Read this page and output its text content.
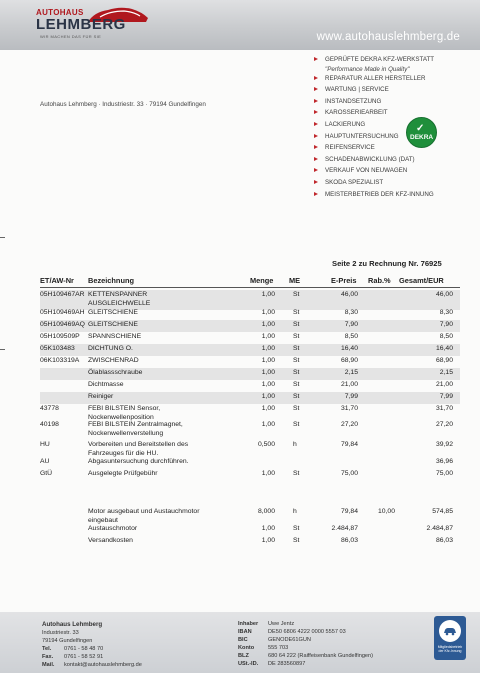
AUTOHAUS
LEHMBERG
WIR MACHEN DAS FÜR SIE	www.autohauslehmberg.de
Autohaus Lehmberg · Industriestr. 33 · 79194 Gundelfingen
GEPRÜFTE DEKRA KFZ-WERKSTATT
"Performance Made in Quality"
REPARATUR ALLER HERSTELLER
WARTUNG | SERVICE
INSTANDSETZUNG
KAROSSERIEARBEIT
LACKIERUNG
HAUPTUNTERSUCHUNG
REIFENSERVICE
SCHADENABWICKLUNG (DAT)
VERKAUF VON NEUWAGEN
SKODA SPEZIALIST
MEISTERBETRIEB DER KFZ-INNUNG
✓
DEKRA
Seite 2 zu Rechnung Nr. 76925
ET/AW-Nr Bezeichnung	Menge ME	E-Preis Rab.% Gesamt/EUR
05H109467AR KETTENSPANNER
AUSGLEICHWELLE
1,00	St	46,00	46,00
05H109469AH GLEITSCHIENE	1,00	St	8,30	8,30
05H109469AQ GLEITSCHIENE	1,00	St	7,90	7,90
05H109509P SPANNSCHIENE	1,00	St	8,50	8,50
05K103483 DICHTUNG O.	1,00	St	16,40	16,40
06K103319A ZWISCHENRAD	1,00	St	68,90	68,90
Ölablassschraube	1,00	St	2,15	2,15
Dichtmasse	1,00	St	21,00	21,00
Reiniger	1,00	St	7,99	7,99
43778	FEBI BILSTEIN Sensor,
Nockenwellenposition
1,00	St	31,70	31,70
40198	FEBI BILSTEIN Zentralmagnet,
Nockenwellenverstellung
1,00	St	27,20	27,20
HU	Vorbereiten und Bereitstellen des
Fahrzeuges für die HU.
0,500	h	79,84	39,92
AU	Abgasuntersuchung durchführen.	36,96
GtÜ	Ausgelegte Prüfgebühr	1,00	St	75,00	75,00
Motor ausgebaut und Austauchmotor
eingebaut
8,000	h	79,84	10,00	574,85
Austauschmotor	1,00	St	2.484,87	2.484,87
Versandkosten	1,00	St	86,03	86,03
Autohaus Lehmberg
Industriestr. 33
79194 Gundelfingen
Tel. 0761 - 58 48 70
Fax. 0761 - 58 52 91
Mail. kontakt@autohauslehmberg.de
Inhaber Uwe Jentz
IBAN	DE50 6806 4222 0000 5557 03
BIC	GENODE61GUN
Konto 555 703
BLZ	680 64 222 (Raiffeisenbank Gundelfingen)
USt.-ID. DE 283560897
Mitgliedsbetrieb der Kfz-Innung
